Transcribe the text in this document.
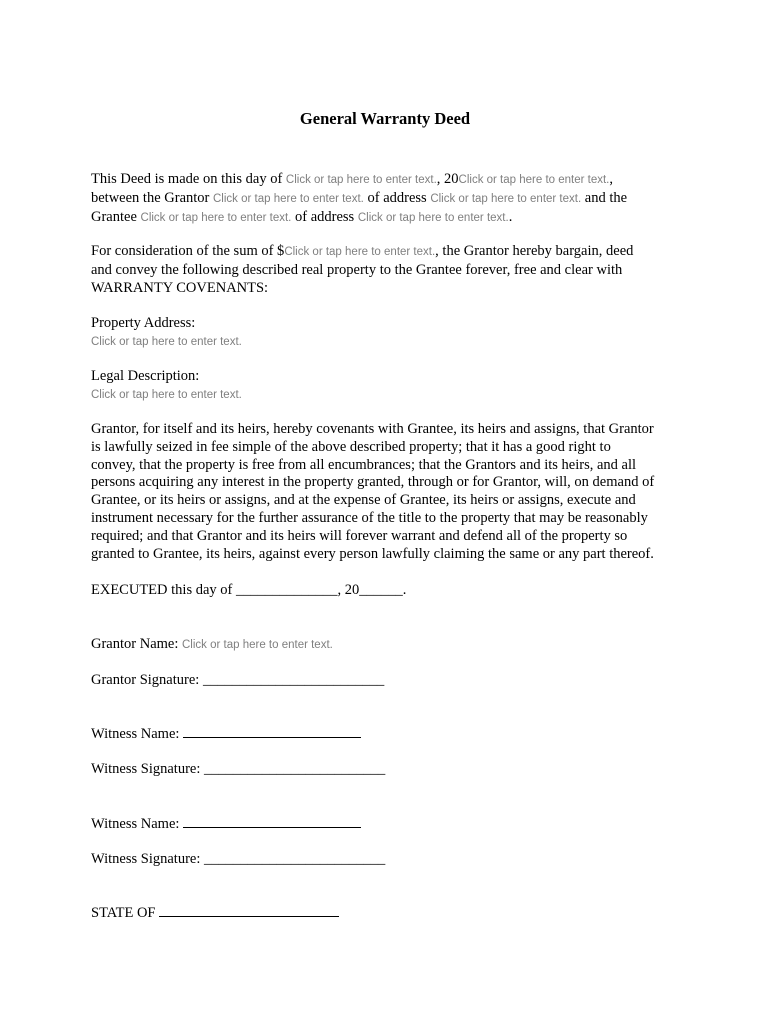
General Warranty Deed

This Deed is made on this day of Click or tap here to enter text., 20Click or tap here to enter text.,

between the Grantor Click or tap here to enter text. of address Click or tap here to enter text. and the

Grantee Click or tap here to enter text. of address Click or tap here to enter text..

For consideration of the sum of $Click or tap here to enter text., the Grantor hereby bargain, deed

and convey the following described real property to the Grantee forever, free and clear with

WARRANTY COVENANTS:

Property Address:

Click or tap here to enter text.

Legal Description:

Click or tap here to enter text.

Grantor, for itself and its heirs, hereby covenants with Grantee, its heirs and assigns, that Grantor

is lawfully seized in fee simple of the above described property; that it has a good right to

convey, that the property is free from all encumbrances; that the Grantors and its heirs, and all

persons acquiring any interest in the property granted, through or for Grantor, will, on demand of

Grantee, or its heirs or assigns, and at the expense of Grantee, its heirs or assigns, execute and

instrument necessary for the further assurance of the title to the property that may be reasonably

required; and that Grantor and its heirs will forever warrant and defend all of the property so

granted to Grantee, its heirs, against every person lawfully claiming the same or any part thereof.

EXECUTED this day of ______________, 20______.
Grantor Name: Click or tap here to enter text.
Grantor Signature: _________________________
Witness Name:
Witness Signature: _________________________
Witness Name:
Witness Signature: _________________________
STATE OF
